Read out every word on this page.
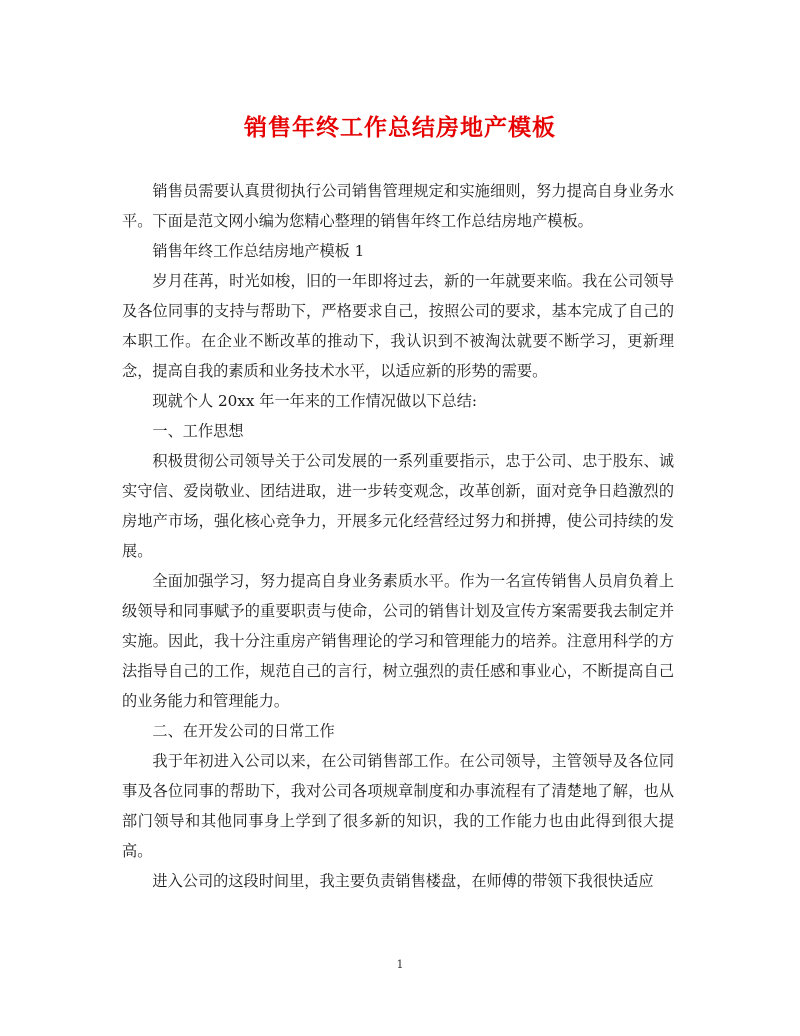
销售年终工作总结房地产模板

销售员需要认真贯彻执行公司销售管理规定和实施细则，努力提高自身业务水平。下面是范文网小编为您精心整理的销售年终工作总结房地产模板。

销售年终工作总结房地产模板 1

岁月荏苒，时光如梭，旧的一年即将过去，新的一年就要来临。我在公司领导及各位同事的支持与帮助下，严格要求自己，按照公司的要求，基本完成了自己的本职工作。在企业不断改革的推动下，我认识到不被淘汰就要不断学习，更新理念，提高自我的素质和业务技术水平，以适应新的形势的需要。

现就个人 20xx 年一年来的工作情况做以下总结:

一、工作思想

积极贯彻公司领导关于公司发展的一系列重要指示，忠于公司、忠于股东、诚实守信、爱岗敬业、团结进取，进一步转变观念，改革创新，面对竞争日趋激烈的房地产市场，强化核心竞争力，开展多元化经营经过努力和拼搏，使公司持续的发展。

全面加强学习，努力提高自身业务素质水平。作为一名宣传销售人员肩负着上级领导和同事赋予的重要职责与使命，公司的销售计划及宣传方案需要我去制定并实施。因此，我十分注重房产销售理论的学习和管理能力的培养。注意用科学的方法指导自己的工作，规范自己的言行，树立强烈的责任感和事业心，不断提高自己的业务能力和管理能力。

二、在开发公司的日常工作

我于年初进入公司以来，在公司销售部工作。在公司领导，主管领导及各位同事及各位同事的帮助下，我对公司各项规章制度和办事流程有了清楚地了解，也从部门领导和其他同事身上学到了很多新的知识，我的工作能力也由此得到很大提高。

进入公司的这段时间里，我主要负责销售楼盘，在师傅的带领下我很快适应

1
